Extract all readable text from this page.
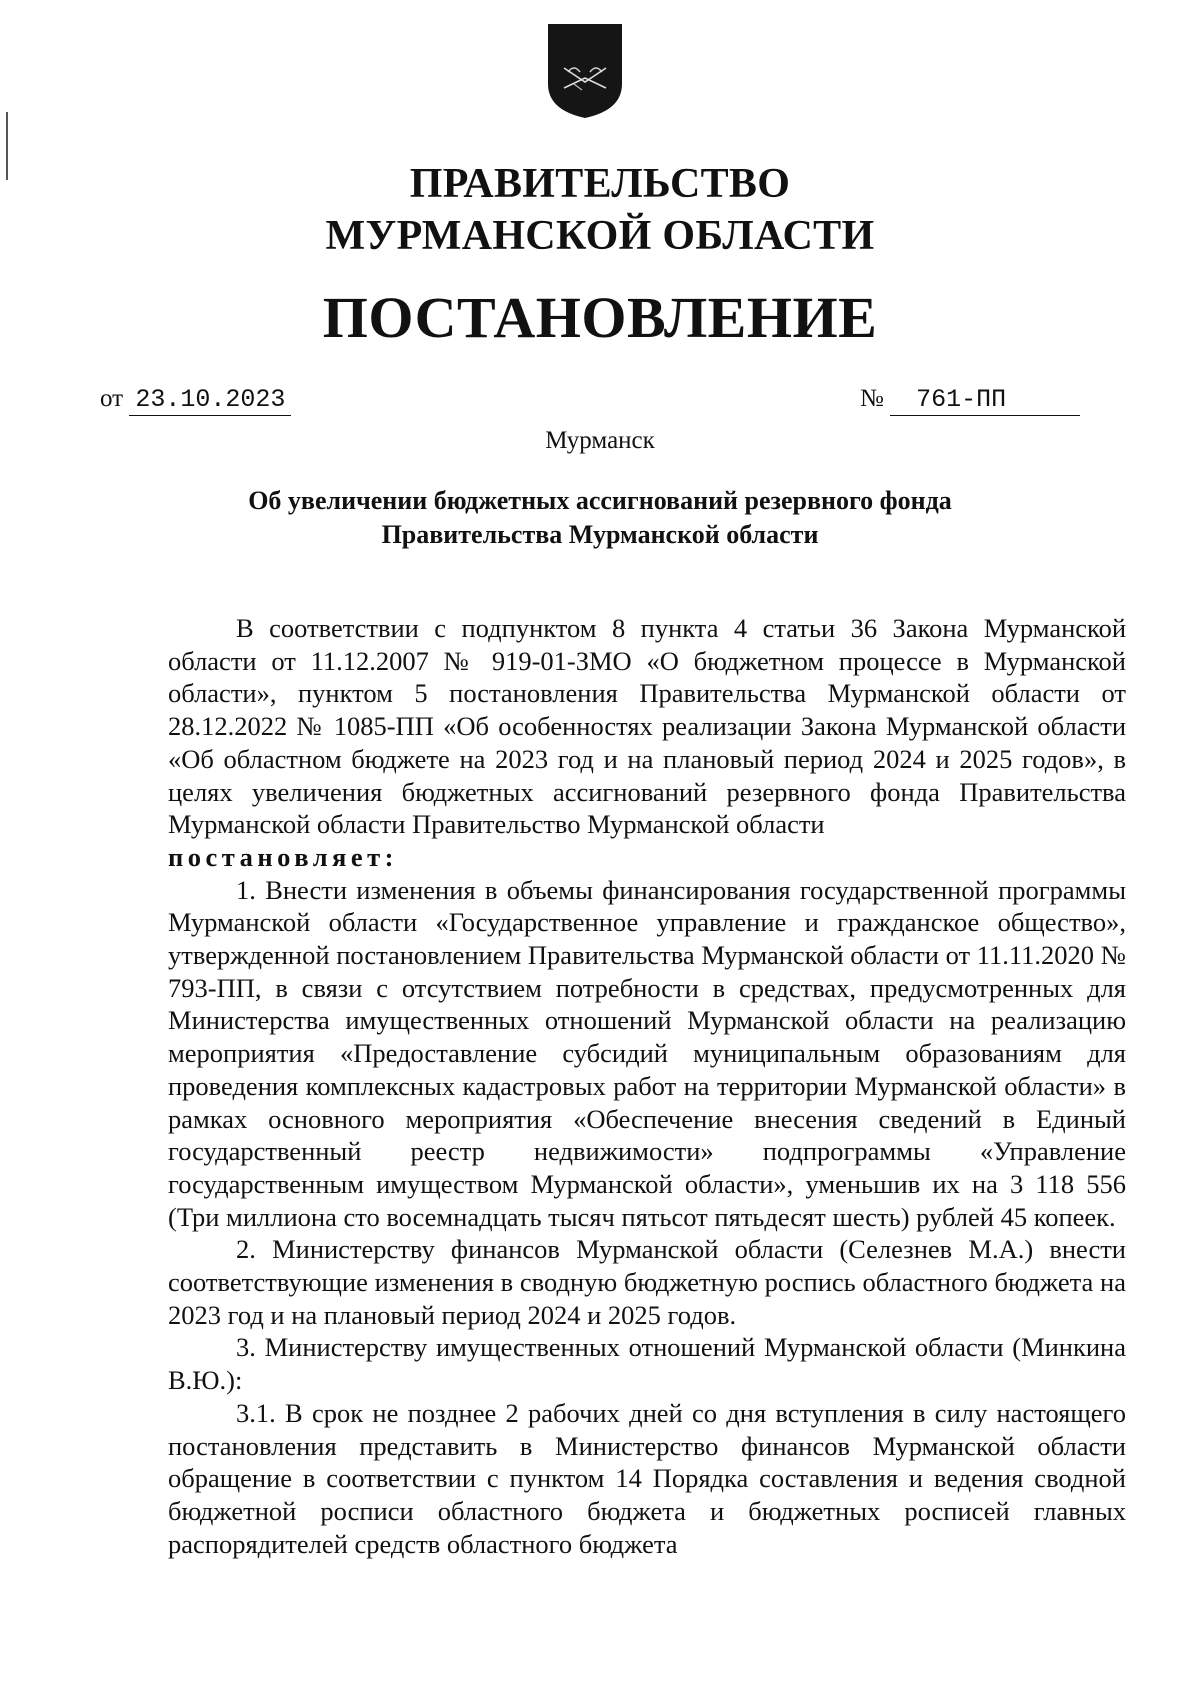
ПРАВИТЕЛЬСТВО
МУРМАНСКОЙ ОБЛАСТИ
ПОСТАНОВЛЕНИЕ
от 23.10.2023	№ 761-ПП
Мурманск
Об увеличении бюджетных ассигнований резервного фонда
Правительства Мурманской области

В соответствии с подпунктом 8 пункта 4 статьи 36 Закона Мурманской области от 11.12.2007 № 919-01-ЗМО «О бюджетном процессе в Мурманской области», пунктом 5 постановления Правительства Мурманской области от 28.12.2022 № 1085-ПП «Об особенностях реализации Закона Мурманской области «Об областном бюджете на 2023 год и на плановый период 2024 и 2025 годов», в целях увеличения бюджетных ассигнований резервного фонда Правительства Мурманской области Правительство Мурманской области

постановляет:

1. Внести изменения в объемы финансирования государственной программы Мурманской области «Государственное управление и гражданское общество», утвержденной постановлением Правительства Мурманской области от 11.11.2020 № 793-ПП, в связи с отсутствием потребности в средствах, предусмотренных для Министерства имущественных отношений Мурманской области на реализацию мероприятия «Предоставление субсидий муниципальным образованиям для проведения комплексных кадастровых работ на территории Мурманской области» в рамках основного мероприятия «Обеспечение внесения сведений в Единый государственный реестр недвижимости» подпрограммы «Управление государственным имуществом Мурманской области», уменьшив их на 3 118 556 (Три миллиона сто восемнадцать тысяч пятьсот пятьдесят шесть) рублей 45 копеек.

2. Министерству финансов Мурманской области (Селезнев М.А.) внести соответствующие изменения в сводную бюджетную роспись областного бюджета на 2023 год и на плановый период 2024 и 2025 годов.

3. Министерству имущественных отношений Мурманской области (Минкина В.Ю.):

3.1. В срок не позднее 2 рабочих дней со дня вступления в силу настоящего постановления представить в Министерство финансов Мурманской области обращение в соответствии с пунктом 14 Порядка составления и ведения сводной бюджетной росписи областного бюджета и бюджетных росписей главных распорядителей средств областного бюджета
